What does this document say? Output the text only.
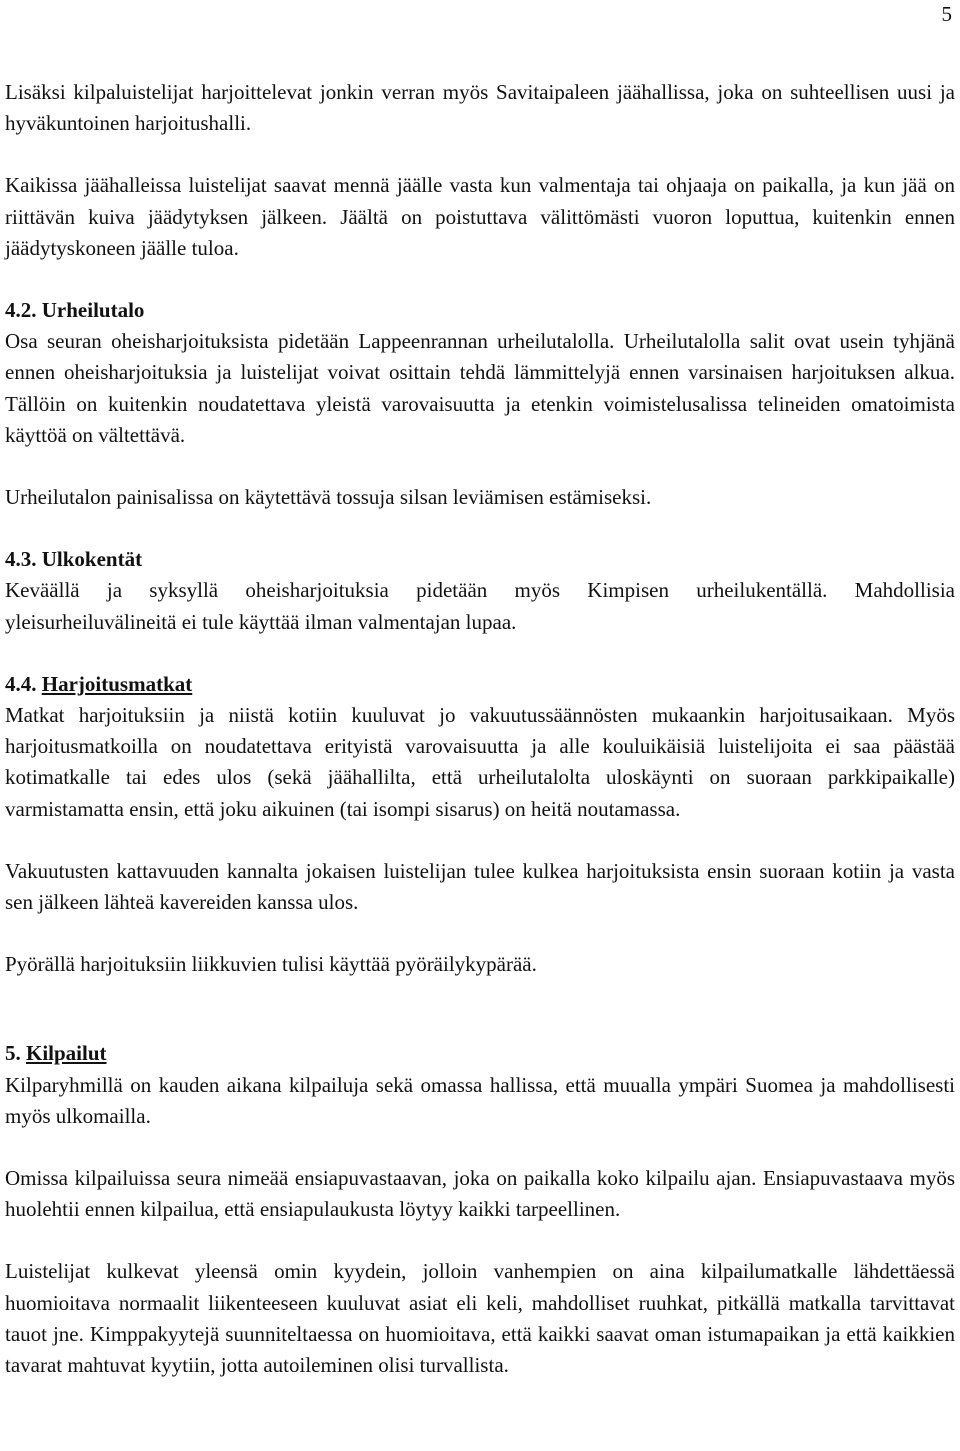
5

Lisäksi kilpaluistelijat harjoittelevat jonkin verran myös Savitaipaleen jäähallissa, joka on suhteellisen uusi ja hyväkuntoinen harjoitushalli.

Kaikissa jäähalleissa luistelijat saavat mennä jäälle vasta kun valmentaja tai ohjaaja on paikalla, ja kun jää on riittävän kuiva jäädytyksen jälkeen. Jäältä on poistuttava välittömästi vuoron loputtua, kuitenkin ennen jäädytyskoneen jäälle tuloa.

4.2. Urheilutalo

Osa seuran oheisharjoituksista pidetään Lappeenrannan urheilutalolla. Urheilutalolla salit ovat usein tyhjänä ennen oheisharjoituksia ja luistelijat voivat osittain tehdä lämmittelyjä ennen varsinaisen harjoituksen alkua. Tällöin on kuitenkin noudatettava yleistä varovaisuutta ja etenkin voimistelusalissa telineiden omatoimista käyttöä on vältettävä.

Urheilutalon painisalissa on käytettävä tossuja silsan leviämisen estämiseksi.

4.3. Ulkokentät

Keväällä ja syksyllä oheisharjoituksia pidetään myös Kimpisen urheilukentällä. Mahdollisia yleisurheiluvälineitä ei tule käyttää ilman valmentajan lupaa.

4.4. Harjoitusmatkat

Matkat harjoituksiin ja niistä kotiin kuuluvat jo vakuutussäännösten mukaankin harjoitusaikaan. Myös harjoitusmatkoilla on noudatettava erityistä varovaisuutta ja alle kouluikäisiä luistelijoita ei saa päästää kotimatkalle tai edes ulos (sekä jäähallilta, että urheilutalolta uloskäynti on suoraan parkkipaikalle) varmistamatta ensin, että joku aikuinen (tai isompi sisarus) on heitä noutamassa.

Vakuutusten kattavuuden kannalta jokaisen luistelijan tulee kulkea harjoituksista ensin suoraan kotiin ja vasta sen jälkeen lähteä kavereiden kanssa ulos.

Pyörällä harjoituksiin liikkuvien tulisi käyttää pyöräilykypärää.

5. Kilpailut

Kilparyhmillä on kauden aikana kilpailuja sekä omassa hallissa, että muualla ympäri Suomea ja mahdollisesti myös ulkomailla.

Omissa kilpailuissa seura nimeää ensiapuvastaavan, joka on paikalla koko kilpailu ajan. Ensiapuvastaava myös huolehtii ennen kilpailua, että ensiapulaukusta löytyy kaikki tarpeellinen.

Luistelijat kulkevat yleensä omin kyydein, jolloin vanhempien on aina kilpailumatkalle lähdettäessä huomioitava normaalit liikenteeseen kuuluvat asiat eli keli, mahdolliset ruuhkat, pitkällä matkalla tarvittavat tauot jne. Kimppakyytejä suunniteltaessa on huomioitava, että kaikki saavat oman istumapaikan ja että kaikkien tavarat mahtuvat kyytiin, jotta autoileminen olisi turvallista.
